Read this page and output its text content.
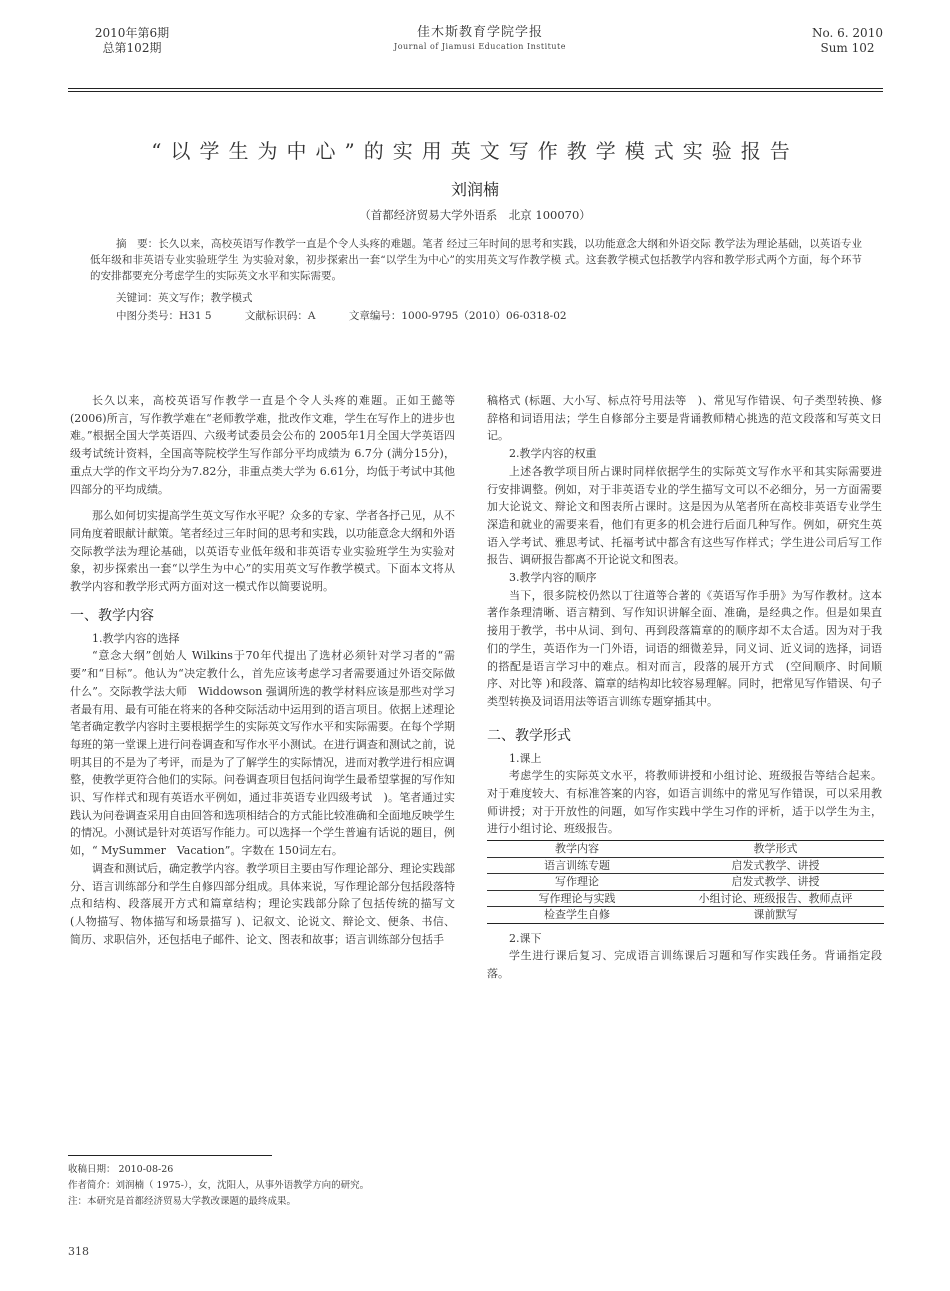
2010年第6期
总第102期
佳木斯教育学院学报
Journal of Jiamusi Education Institute
No. 6. 2010
Sum 102
“以学生为中心”的实用英文写作教学模式实验报告
刘润楠
（首都经济贸易大学外语系　北京 100070）
摘　要：长久以来，高校英语写作教学一直是个令人头疼的难题。笔者 经过三年时间的思考和实践，以功能意念大纲和外语交际 教学法为理论基础，以英语专业低年级和非英语专业实验班学生 为实验对象，初步探索出一套“以学生为中心”的实用英文写作教学模 式。这套教学模式包括教学内容和教学形式两个方面，每个环节的安排都要充分考虑学生的实际英文水平和实际需要。
关键词：英文写作；教学模式
中图分类号：H31 5	文献标识码：A	文章编号：1000-9795（2010）06-0318-02

长久以来，高校英语写作教学一直是个令人头疼的难题。正如王懿等 (2006)所言，写作教学难在“老师教学难，批改作文难，学生在写作上的进步也难。”根据全国大学英语四、六级考试委员会公布的 2005年1月全国大学英语四级考试统计资料，全国高等院校学生写作部分平均成绩为 6.7分 (满分15分)，重点大学的作文平均分为7.82分，非重点类大学为 6.61分，均低于考试中其他四部分的平均成绩。

那么如何切实提高学生英文写作水平呢？众多的专家、学者各抒己见，从不同角度着眼献计献策。笔者经过三年时间的思考和实践，以功能意念大纲和外语交际教学法为理论基础，以英语专业低年级和非英语专业实验班学生为实验对象，初步探索出一套“以学生为中心”的实用英文写作教学模式。下面本文将从教学内容和教学形式两方面对这一模式作以简要说明。

一、教学内容
1.教学内容的选择

“意念大纲”创始人 Wilkins于70年代提出了选材必须针对学习者的“需要”和“目标”。他认为“决定教什么，首先应该考虑学习者需要通过外语交际做什么”。交际教学法大师　Widdowson 强调所选的教学材料应该是那些对学习者最有用、最有可能在将来的各种交际活动中运用到的语言项目。依据上述理论笔者确定教学内容时主要根据学生的实际英文写作水平和实际需要。在每个学期每班的第一堂课上进行问卷调查和写作水平小测试。在进行调查和测试之前，说明其目的不是为了考评，而是为了了解学生的实际情况，进而对教学进行相应调整，使教学更符合他们的实际。问卷调查项目包括问询学生最希望掌握的写作知识、写作样式和现有英语水平例如，通过非英语专业四级考试　)。笔者通过实践认为问卷调查采用自由回答和选项相结合的方式能比较准确和全面地反映学生的情况。小测试是针对英语写作能力。可以选择一个学生普遍有话说的题目，例如，“ MySummer　Vacation”。字数在 150词左右。

调查和测试后，确定教学内容。教学项目主要由写作理论部分、理论实践部分、语言训练部分和学生自修四部分组成。具体来说，写作理论部分包括段落特点和结构、段落展开方式和篇章结构；理论实践部分除了包括传统的描写文　(人物描写、物体描写和场景描写 )、记叙文、论说文、辩论文、便条、书信、简历、求职信外，还包括电子邮件、论文、图表和故事；语言训练部分包括手

稿格式 (标题、大小写、标点符号用法等　)、常见写作错误、句子类型转换、修辞格和词语用法；学生自修部分主要是背诵教师精心挑选的范文段落和写英文日记。

2.教学内容的权重

上述各教学项目所占课时同样依据学生的实际英文写作水平和其实际需要进行安排调整。例如，对于非英语专业的学生描写文可以不必细分，另一方面需要加大论说文、辩论文和图表所占课时。这是因为从笔者所在高校非英语专业学生深造和就业的需要来看，他们有更多的机会进行后面几种写作。例如，研究生英语入学考试、雅思考试、托福考试中都含有这些写作样式；学生进公司后写工作报告、调研报告都离不开论说文和图表。

3.教学内容的顺序

当下，很多院校仍然以丁往道等合著的《英语写作手册》为写作教材。这本著作条理清晰、语言精到、写作知识讲解全面、准确，是经典之作。但是如果直接用于教学，书中从词、到句、再到段落篇章的的顺序却不太合适。因为对于我们的学生，英语作为一门外语，词语的细微差异，同义词、近义词的选择，词语的搭配是语言学习中的难点。相对而言，段落的展开方式　(空间顺序、时间顺序、对比等 )和段落、篇章的结构却比较容易理解。同时，把常见写作错误、句子类型转换及词语用法等语言训练专题穿插其中。

二、教学形式
1.课上

考虑学生的实际英文水平，将教师讲授和小组讨论、班级报告等结合起来。对于难度较大、有标准答案的内容，如语言训练中的常见写作错误，可以采用教师讲授；对于开放性的问题，如写作实践中学生习作的评析，适于以学生为主，进行小组讨论、班级报告。

教学内容	教学形式
语言训练专题	启发式教学、讲授
写作理论	启发式教学、讲授
写作理论与实践	小组讨论、班级报告、教师点评
检查学生自修	课前默写
2.课下

学生进行课后复习、完成语言训练课后习题和写作实践任务。背诵指定段落。

收稿日期： 2010-08-26
作者简介：刘润楠（ 1975-），女，沈阳人，从事外语教学方向的研究。
注：本研究是首都经济贸易大学教改课题的最终成果。
318
